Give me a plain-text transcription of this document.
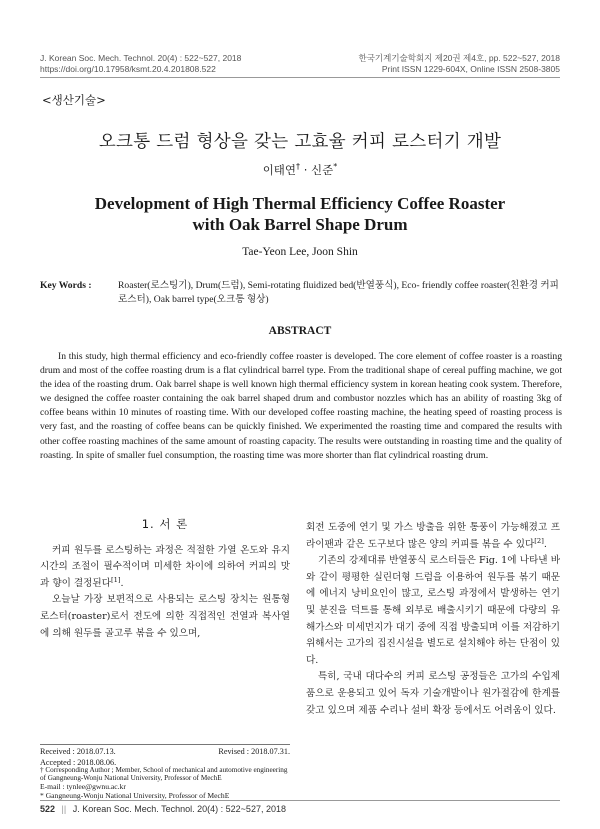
J. Korean Soc. Mech. Technol. 20(4) : 522~527, 2018
https://doi.org/10.17958/ksmt.20.4.201808.522
한국기계기술학회지 제20권 제4호, pp. 522~527, 2018
Print ISSN 1229-604X, Online ISSN 2508-3805
<생산기술>
오크통 드럼 형상을 갖는 고효율 커피 로스터기 개발
이태연† · 신준*
Development of High Thermal Efficiency Coffee Roaster
with Oak Barrel Shape Drum
Tae-Yeon Lee, Joon Shin
Key Words :	Roaster(로스팅기), Drum(드럼), Semi-rotating fluidized bed(반열풍식), Eco- friendly coffee roaster(친환경 커피 로스터), Oak barrel type(오크통 형상)
ABSTRACT
In this study, high thermal efficiency and eco-friendly coffee roaster is developed. The core element of coffee roaster is a roasting drum and most of the coffee roasting drum is a flat cylindrical barrel type. From the traditional shape of cereal puffing machine, we got the idea of the roasting drum. Oak barrel shape is well known high thermal efficiency system in korean heating cook system. Therefore, we designed the coffee roaster containing the oak barrel shaped drum and combustor nozzles which has an ability of roasting 3kg of coffee beans within 10 minutes of roasting time. With our developed coffee roasting machine, the heating speed of roasting process is very fast, and the roasting of coffee beans can be quickly finished. We experimented the roasting time and compared the results with other coffee roasting machines of the same amount of roasting capacity. The results were outstanding in roasting time and the quality of roasting. In spite of smaller fuel consumption, the roasting time was more shorter than flat cylindrical roasting drum.
1. 서 론

커피 원두를 로스팅하는 과정은 적절한 가열 온도와 유지 시간의 조절이 필수적이며 미세한 차이에 의하여 커피의 맛과 향이 결정된다[1].

오늘날 가장 보편적으로 사용되는 로스팅 장치는 원통형 로스터(roaster)로서 전도에 의한 직접적인 전열과 복사열에 의해 원두를 골고루 볶을 수 있으며,

회전 도중에 연기 및 가스 방출을 위한 통풍이 가능해졌고 프라이팬과 같은 도구보다 많은 양의 커피를 볶을 수 있다[2].

기존의 강제대류 반열풍식 로스터들은 Fig. 1에 나타낸 바와 같이 평평한 실린더형 드럼을 이용하여 원두를 볶기 때문에 에너지 낭비요인이 많고, 로스팅 과정에서 발생하는 연기 및 분진을 덕트를 통해 외부로 배출시키기 때문에 다량의 유해가스와 미세먼지가 대기 중에 직접 방출되며 이를 저감하기 위해서는 고가의 집진시설을 별도로 설치해야 하는 단점이 있다.

특히, 국내 대다수의 커피 로스팅 공정들은 고가의 수입제품으로 운용되고 있어 독자 기술개발이나 원가절감에 한계를 갖고 있으며 제품 수리나 설비 확장 등에서도 어려움이 있다.

Received : 2018.07.13.	Revised : 2018.07.31.
Accepted : 2018.08.06.
† Corresponding Author ; Member, School of mechanical and automotive engineering of Gangneung-Wonju National University, Professor of MechE
E-mail : tynlee@gwnu.ac.kr
* Gangneung-Wonju National University, Professor of MechE
522 || J. Korean Soc. Mech. Technol. 20(4) : 522~527, 2018
